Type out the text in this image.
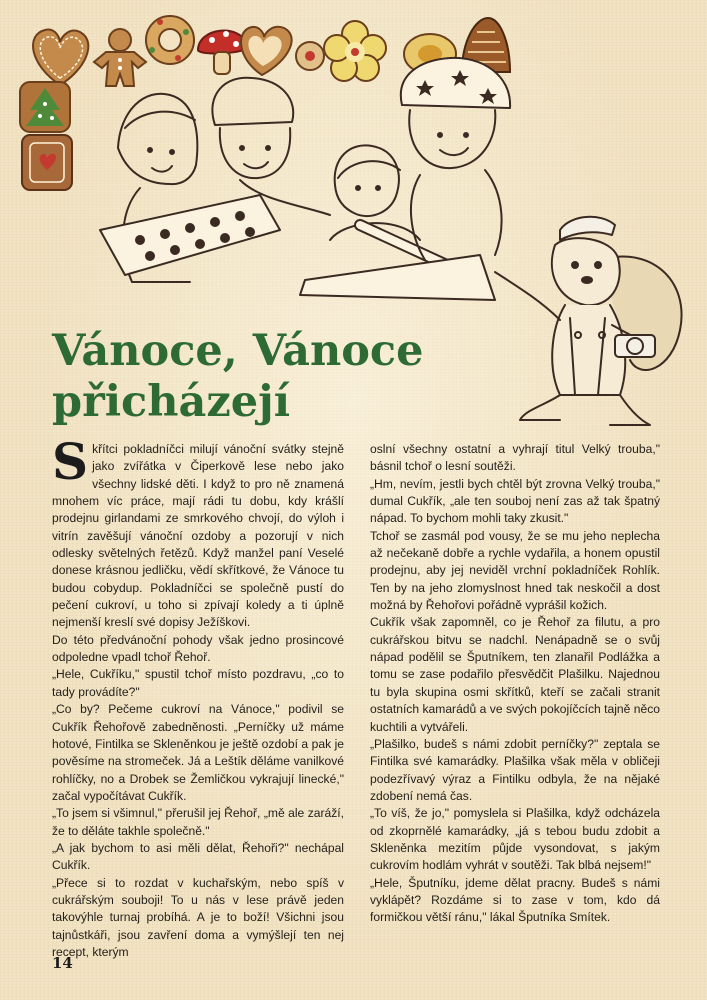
Vánoce, Vánoce
přicházejí

Skřítci pokladníčci milují vánoční svátky stejně jako zvířátka v Čiperkově lese nebo jako všechny lidské děti. I když to pro ně znamená mnohem víc práce, mají rádi tu dobu, kdy krášlí prodejnu girlandami ze smrkového chvojí, do výloh i vitrín zavěšují vánoční ozdoby a pozorují v nich odlesky světelných řetězů. Když manžel paní Veselé donese krásnou jedličku, vědí skřítkové, že Vánoce tu budou cobydup. Pokladníčci se společně pustí do pečení cukroví, u toho si zpívají koledy a ti úplně nejmenší kreslí své dopisy Ježíškovi.

Do této předvánoční pohody však jedno prosincové odpoledne vpadl tchoř Řehoř.

„Hele, Cukříku," spustil tchoř místo pozdravu, „co to tady provádíte?"

„Co by? Pečeme cukroví na Vánoce," podivil se Cukřík Řehořově zabedněnosti. „Perníčky už máme hotové, Fintilka se Skleněnkou je ještě ozdobí a pak je pověsíme na stromeček. Já a Leštík děláme vanilkové rohlíčky, no a Drobek se Žemličkou vykrajují linecké," začal vypočítávat Cukřík.

„To jsem si všimnul," přerušil jej Řehoř, „mě ale zaráží, že to děláte takhle společně."

„A jak bychom to asi měli dělat, Řehoři?" nechápal Cukřík.

„Přece si to rozdat v kuchařským, nebo spíš v cukrářským souboji! To u nás v lese právě jeden takovýhle turnaj probíhá. A je to boží! Všichni jsou tajnůstkáři, jsou zavření doma a vymýšlejí ten nej recept, kterým

oslní všechny ostatní a vyhrají titul Velký trouba," básnil tchoř o lesní soutěži.

„Hm, nevím, jestli bych chtěl být zrovna Velký trouba," dumal Cukřík, „ale ten souboj není zas až tak špatný nápad. To bychom mohli taky zkusit."

Tchoř se zasmál pod vousy, že se mu jeho neplecha až nečekaně dobře a rychle vydařila, a honem opustil prodejnu, aby jej neviděl vrchní pokladníček Rohlík. Ten by na jeho zlomyslnost hned tak neskočil a dost možná by Řehořovi pořádně vyprášil kožich.

Cukřík však zapomněl, co je Řehoř za filutu, a pro cukrářskou bitvu se nadchl. Nenápadně se o svůj nápad podělil se Šputníkem, ten zlanařil Podlážka a tomu se zase podařilo přesvědčit Plašilku. Najednou tu byla skupina osmi skřítků, kteří se začali stranit ostatních kamarádů a ve svých pokojíčcích tajně něco kuchtili a vytvářeli.

„Plašilko, budeš s námi zdobit perníčky?" zeptala se Fintilka své kamarádky. Plašilka však měla v obličeji podezřívavý výraz a Fintilku odbyla, že na nějaké zdobení nemá čas.

„To víš, že jo," pomyslela si Plašilka, když odcházela od zkoprnělé kamarádky, „já s tebou budu zdobit a Skleněnka mezitím půjde vysondovat, s jakým cukrovím hodlám vyhrát v soutěži. Tak blbá nejsem!"

„Hele, Šputníku, jdeme dělat pracny. Budeš s námi vyklápět? Rozdáme si to zase v tom, kdo dá formičkou větší ránu," lákal Šputníka Smítek.

14
